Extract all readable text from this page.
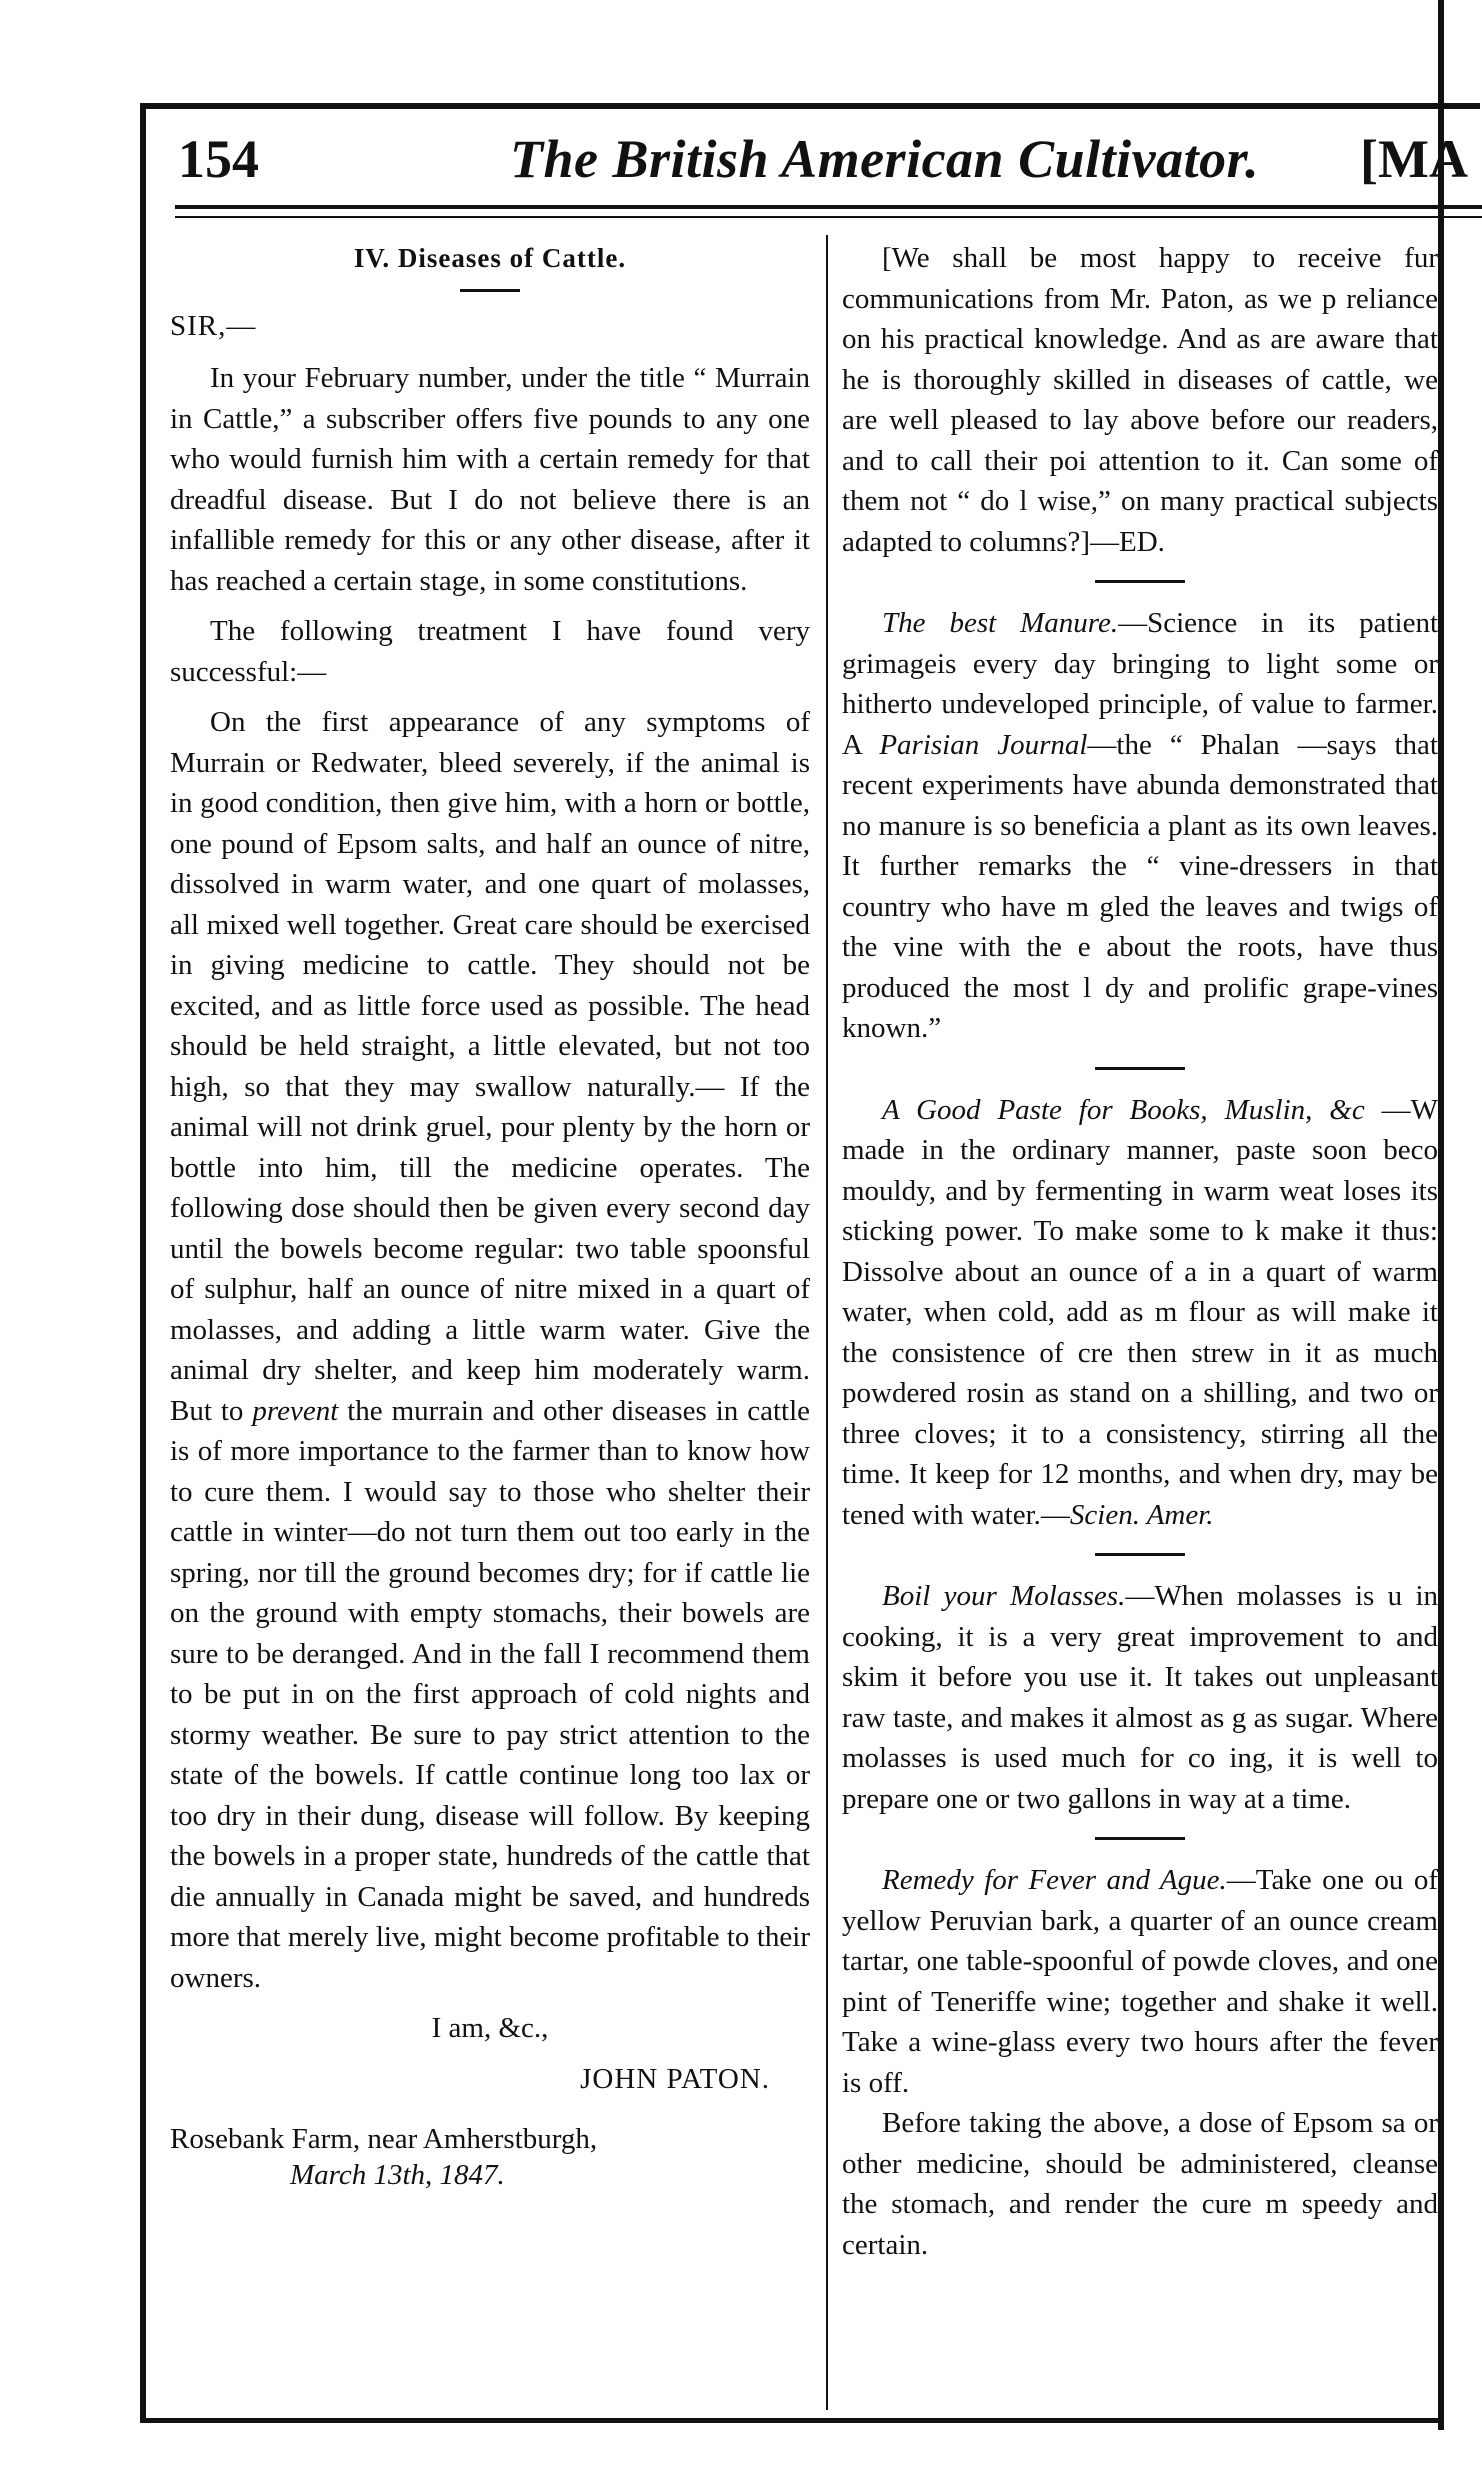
154	The British American Cultivator. [MA
IV. Diseases of Cattle.

SIR,—

In your February number, under the title “ Murrain in Cattle,” a subscriber offers five pounds to any one who would furnish him with a certain remedy for that dreadful disease. But I do not believe there is an infallible remedy for this or any other disease, after it has reached a certain stage, in some constitutions.

The following treatment I have found very successful:—

On the first appearance of any symptoms of Murrain or Redwater, bleed severely, if the animal is in good condition, then give him, with a horn or bottle, one pound of Epsom salts, and half an ounce of nitre, dissolved in warm water, and one quart of molasses, all mixed well together. Great care should be exercised in giving medicine to cattle. They should not be excited, and as little force used as possible. The head should be held straight, a little elevated, but not too high, so that they may swallow naturally.— If the animal will not drink gruel, pour plenty by the horn or bottle into him, till the medicine operates. The following dose should then be given every second day until the bowels become regular: two table spoonsful of sulphur, half an ounce of nitre mixed in a quart of molasses, and adding a little warm water. Give the animal dry shelter, and keep him moderately warm. But to prevent the murrain and other diseases in cattle is of more importance to the farmer than to know how to cure them. I would say to those who shelter their cattle in winter—do not turn them out too early in the spring, nor till the ground becomes dry; for if cattle lie on the ground with empty stomachs, their bowels are sure to be deranged. And in the fall I recommend them to be put in on the first approach of cold nights and stormy weather. Be sure to pay strict attention to the state of the bowels. If cattle continue long too lax or too dry in their dung, disease will follow. By keeping the bowels in a proper state, hundreds of the cattle that die annually in Canada might be saved, and hundreds more that merely live, might become profitable to their owners.

I am, &c.,

JOHN PATON.

Rosebank Farm, near Amherstburgh,
March 13th, 1847.

[We shall be most happy to receive fur communications from Mr. Paton, as we p reliance on his practical knowledge. And as are aware that he is thoroughly skilled in diseases of cattle, we are well pleased to lay above before our readers, and to call their poi attention to it. Can some of them not “ do l wise,” on many practical subjects adapted to columns?]—ED.

The best Manure.—Science in its patient grimageis every day bringing to light some or hitherto undeveloped principle, of value to farmer. A Parisian Journal—the “ Phalan —says that recent experiments have abunda demonstrated that no manure is so beneficia a plant as its own leaves. It further remarks the “ vine-dressers in that country who have m gled the leaves and twigs of the vine with the e about the roots, have thus produced the most l dy and prolific grape-vines known.”

A Good Paste for Books, Muslin, &c —W made in the ordinary manner, paste soon beco mouldy, and by fermenting in warm weat loses its sticking power. To make some to k make it thus: Dissolve about an ounce of a in a quart of warm water, when cold, add as m flour as will make it the consistence of cre then strew in it as much powdered rosin as stand on a shilling, and two or three cloves; it to a consistency, stirring all the time. It keep for 12 months, and when dry, may be tened with water.—Scien. Amer.

Boil your Molasses.—When molasses is u in cooking, it is a very great improvement to and skim it before you use it. It takes out unpleasant raw taste, and makes it almost as g as sugar. Where molasses is used much for co ing, it is well to prepare one or two gallons in way at a time.

Remedy for Fever and Ague.—Take one ou of yellow Peruvian bark, a quarter of an ounce cream tartar, one table-spoonful of powde cloves, and one pint of Teneriffe wine; together and shake it well. Take a wine-glass every two hours after the fever is off.

Before taking the above, a dose of Epsom sa or other medicine, should be administered, cleanse the stomach, and render the cure m speedy and certain.
